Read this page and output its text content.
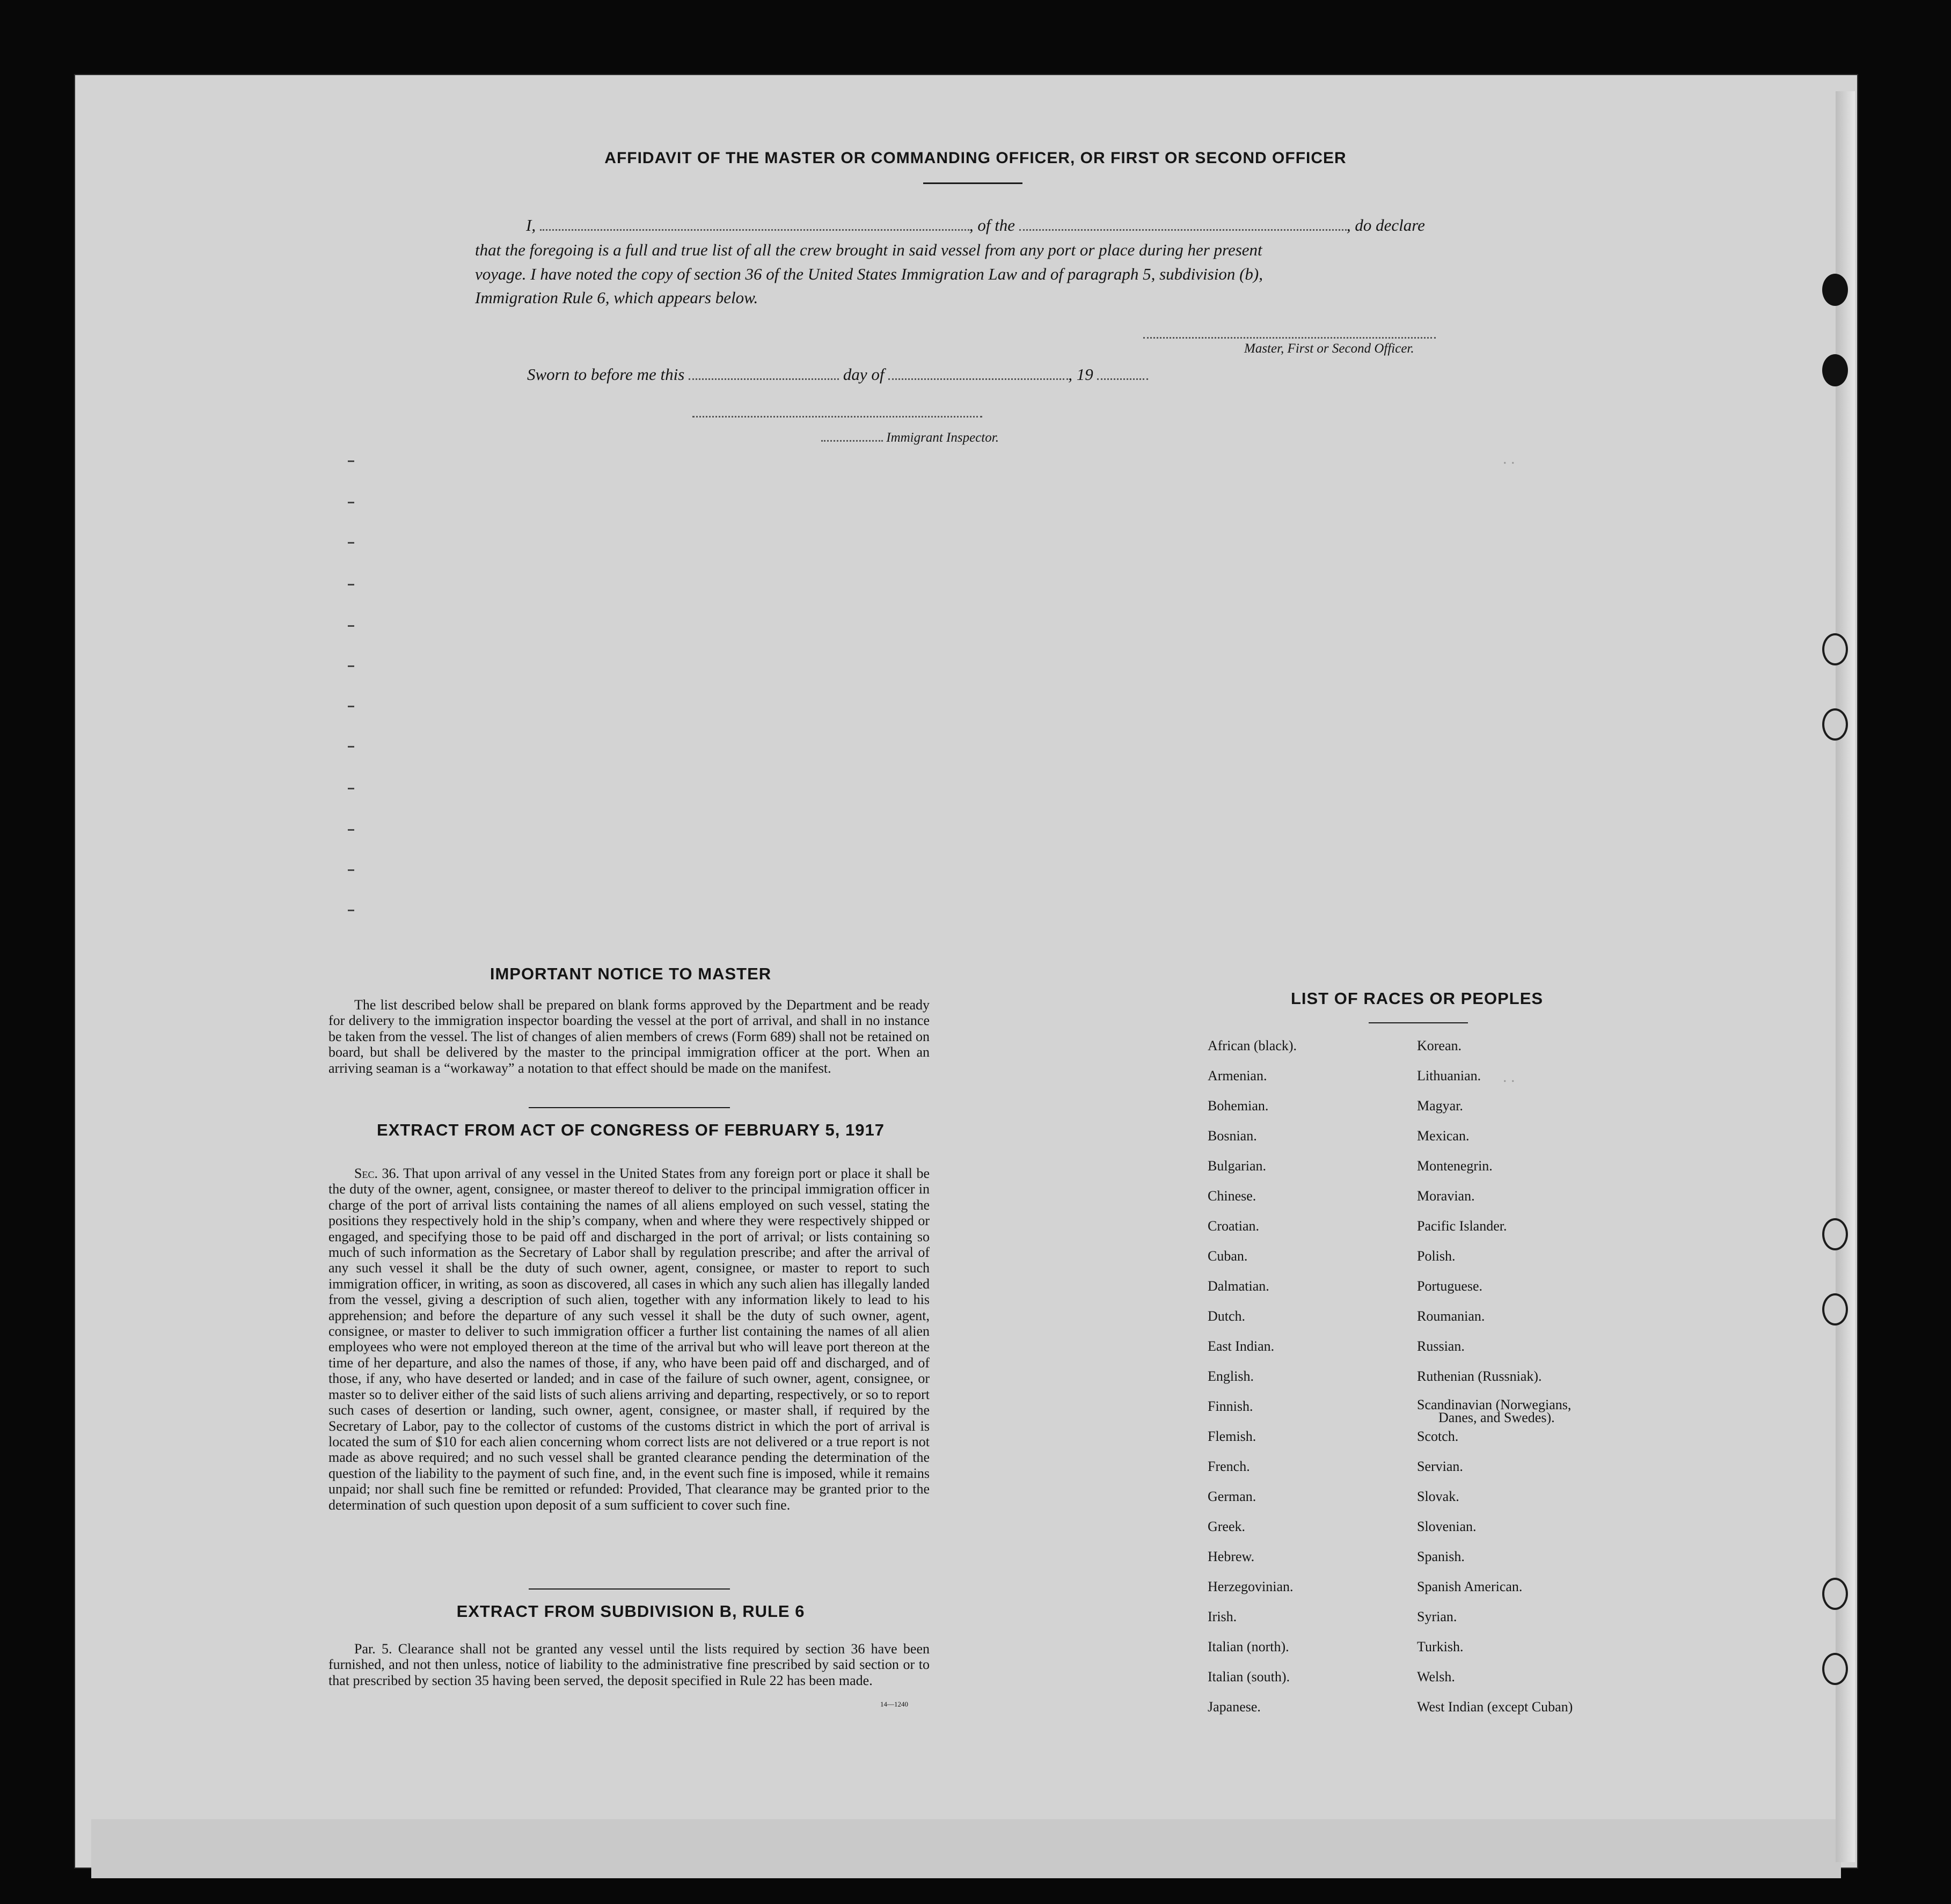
. .
. .
AFFIDAVIT OF THE MASTER OR COMMANDING OFFICER, OR FIRST OR SECOND OFFICER
I,	, of the	, do declare
that the foregoing is a full and true list of all the crew brought in said vessel from any port or place during her present
voyage. I have noted the copy of section 36 of the United States Immigration Law and of paragraph 5, subdivision (b),
Immigration Rule 6, which appears below.
Master, First or Second Officer.
Sworn to before me this	day of	, 19
Immigrant Inspector.
IMPORTANT NOTICE TO MASTER
The list described below shall be prepared on blank forms approved by the Department and be ready for delivery to the immigration inspector boarding the vessel at the port of arrival, and shall in no instance be taken from the vessel. The list of changes of alien members of crews (Form 689) shall not be retained on board, but shall be delivered by the master to the principal immigration officer at the port. When an arriving seaman is a “workaway” a notation to that effect should be made on the manifest.
EXTRACT FROM ACT OF CONGRESS OF FEBRUARY 5, 1917
Sec. 36. That upon arrival of any vessel in the United States from any foreign port or place it shall be the duty of the owner, agent, consignee, or master thereof to deliver to the principal immigration officer in charge of the port of arrival lists containing the names of all aliens employed on such vessel, stating the positions they respectively hold in the ship’s company, when and where they were respectively shipped or engaged, and specifying those to be paid off and discharged in the port of arrival; or lists containing so much of such information as the Secretary of Labor shall by regulation prescribe; and after the arrival of any such vessel it shall be the duty of such owner, agent, consignee, or master to report to such immigration officer, in writing, as soon as discovered, all cases in which any such alien has illegally landed from the vessel, giving a description of such alien, together with any information likely to lead to his apprehension; and before the departure of any such vessel it shall be the duty of such owner, agent, consignee, or master to deliver to such immigration officer a further list containing the names of all alien employees who were not employed thereon at the time of the arrival but who will leave port thereon at the time of her departure, and also the names of those, if any, who have been paid off and discharged, and of those, if any, who have deserted or landed; and in case of the failure of such owner, agent, consignee, or master so to deliver either of the said lists of such aliens arriving and departing, respectively, or so to report such cases of desertion or landing, such owner, agent, consignee, or master shall, if required by the Secretary of Labor, pay to the collector of customs of the customs district in which the port of arrival is located the sum of $10 for each alien concerning whom correct lists are not delivered or a true report is not made as above required; and no such vessel shall be granted clearance pending the determination of the question of the liability to the payment of such fine, and, in the event such fine is imposed, while it remains unpaid; nor shall such fine be remitted or refunded: Provided, That clearance may be granted prior to the determination of such question upon deposit of a sum sufficient to cover such fine.
EXTRACT FROM SUBDIVISION B, RULE 6
Par. 5. Clearance shall not be granted any vessel until the lists required by section 36 have been furnished, and not then unless, notice of liability to the administrative fine prescribed by said section or to that prescribed by section 35 having been served, the deposit specified in Rule 22 has been made.
14—1240
LIST OF RACES OR PEOPLES
African (black).
Armenian.
Bohemian.
Bosnian.
Bulgarian.
Chinese.
Croatian.
Cuban.
Dalmatian.
Dutch.
East Indian.
English.
Finnish.
Flemish.
French.
German.
Greek.
Hebrew.
Herzegovinian.
Irish.
Italian (north).
Italian (south).
Japanese.
Korean.
Lithuanian.
Magyar.
Mexican.
Montenegrin.
Moravian.
Pacific Islander.
Polish.
Portuguese.
Roumanian.
Russian.
Ruthenian (Russniak).
Scandinavian (Norwegians,
Danes, and Swedes).
Scotch.
Servian.
Slovak.
Slovenian.
Spanish.
Spanish American.
Syrian.
Turkish.
Welsh.
West Indian (except Cuban)
